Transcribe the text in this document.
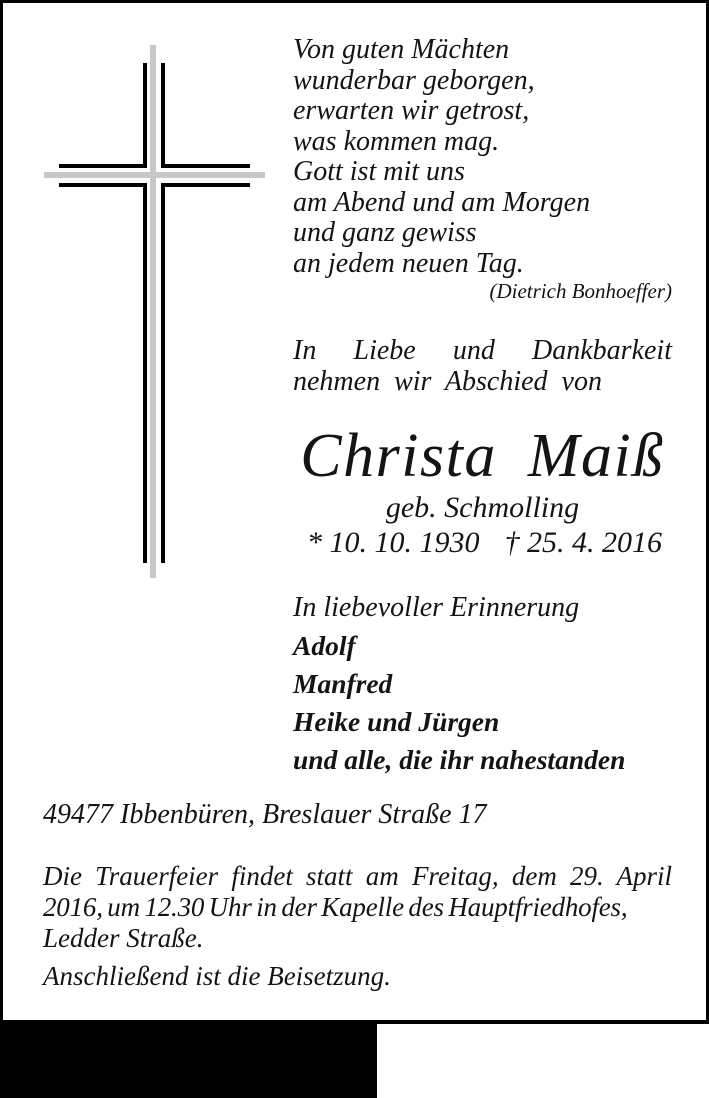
Von guten Mächten
wunderbar geborgen,
erwarten wir getrost,
was kommen mag.
Gott ist mit uns
am Abend und am Morgen
und ganz gewiss
an jedem neuen Tag.
(Dietrich Bonhoeffer)
In Liebe und Dankbarkeit
nehmen wir Abschied von
Christa Maiß
geb. Schmolling
* 10. 10. 1930 † 25. 4. 2016
In liebevoller Erinnerung
Adolf
Manfred
Heike und Jürgen
und alle, die ihr nahestanden
49477 Ibbenbüren, Breslauer Straße 17
Die Trauerfeier findet statt am Freitag, dem 29. April
2016, um 12.30 Uhr in der Kapelle des Hauptfriedhofes,
Ledder Straße.
Anschließend ist die Beisetzung.
